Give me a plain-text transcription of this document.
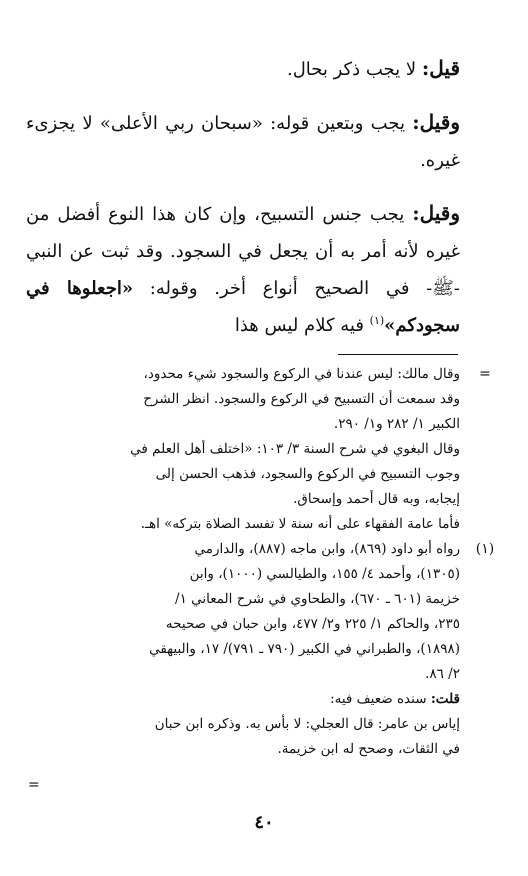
قيل: لا يجب ذكر بحال.

وقيل: يجب وبتعين قوله: «سبحان ربي الأعلى» لا يجزىء غيره.

وقيل: يجب جنس التسبيح، وإن كان هذا النوع أفضل من غيره لأنه أمر به أن يجعل في السجود. وقد ثبت عن النبي -ﷺ- في الصحيح أنواع أخر. وقوله: «اجعلوها في سجودكم»$^{(١)}$ فيه كلام ليس هذا

=
وقال مالك: ليس عندنا في الركوع والسجود شيء محدود،
وقد سمعت أن التسبيح في الركوع والسجود. انظر الشرح
الكبير ١/ ٢٨٢ و١/ ٢٩٠.
وقال البغوي في شرح السنة ٣/ ١٠٣: «اختلف أهل العلم في
وجوب التسبيح في الركوع والسجود، فذهب الحسن إلى
إيجابه، وبه قال أحمد وإسحاق.
فأما عامة الفقهاء على أنه سنة لا تفسد الصلاة بتركه» اهـ.
(١)
رواه أبو داود (٨٦٩)، وابن ماجه (٨٨٧)، والدارمي
(١٣٠٥)، وأحمد ٤/ ١٥٥، والطيالسي (١٠٠٠)، وابن
خزيمة (٦٠١ ـ ٦٧٠)، والطحاوي في شرح المعاني ١/
٢٣٥، والحاكم ١/ ٢٢٥ و٢/ ٤٧٧، وابن حبان في صحيحه
(١٨٩٨)، والطبراني في الكبير (٧٩٠ ـ ٧٩١)/ ١٧، والبيهقي
٢/ ٨٦.
قلت: سنده ضعيف فيه:
إياس بن عامر: قال العجلي: لا بأس به. وذكره ابن حبان
في الثقات، وصحح له ابن خزيمة.
=
٤٠
